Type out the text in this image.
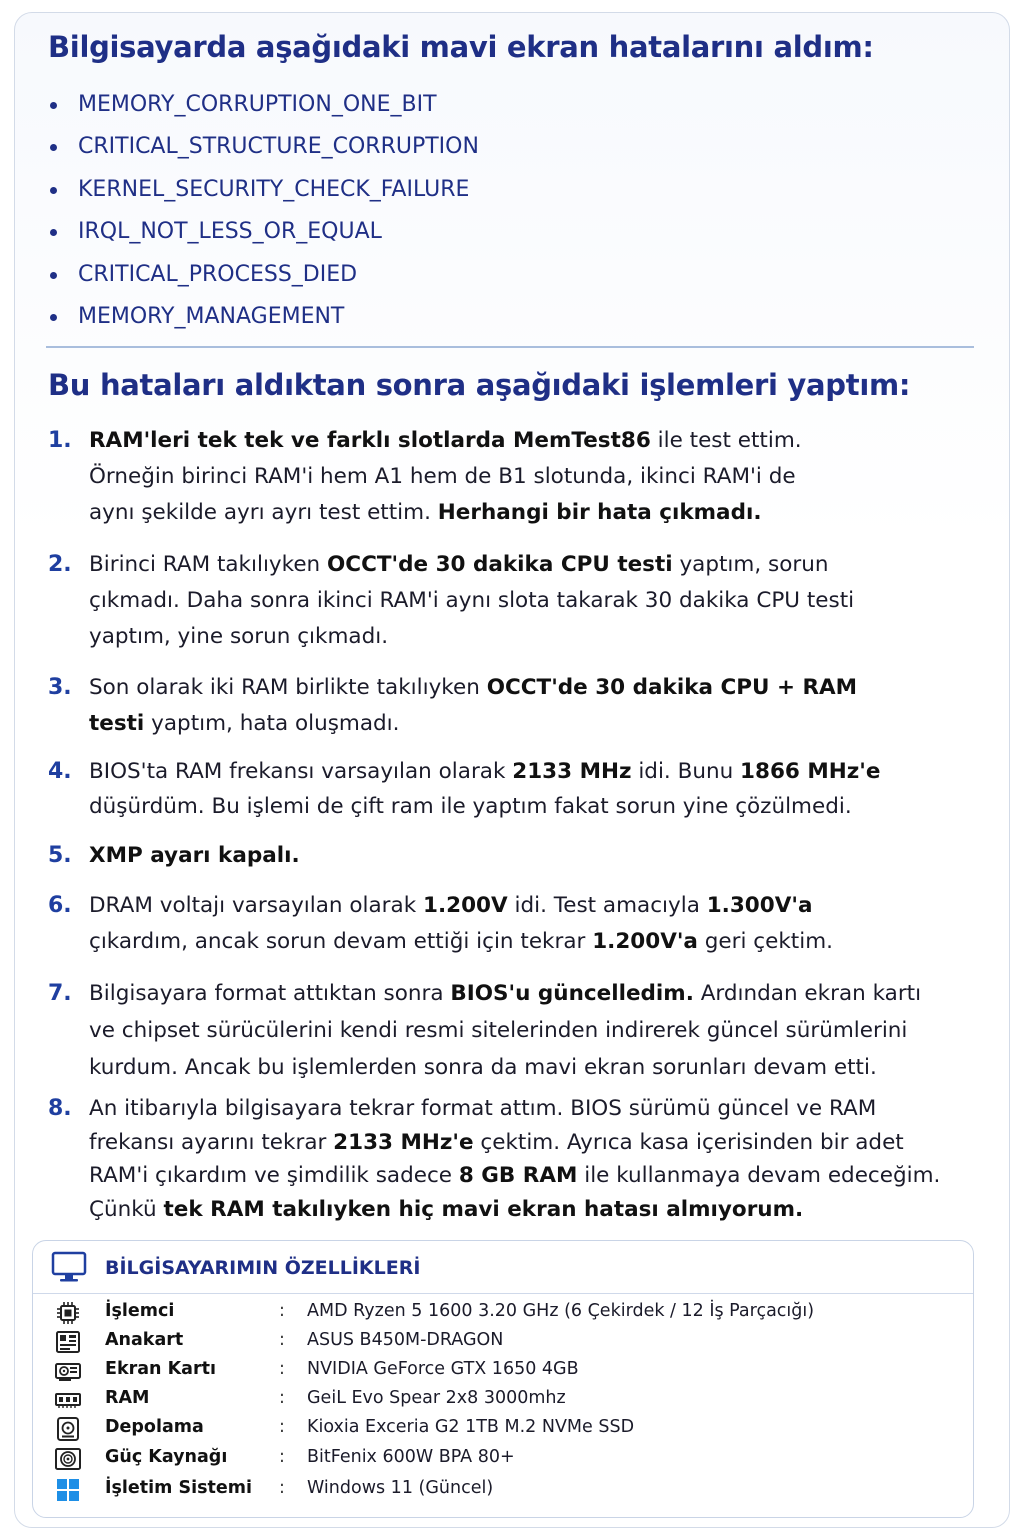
Bilgisayarda aşağıdaki mavi ekran hatalarını aldım:
MEMORY_CORRUPTION_ONE_BIT
CRITICAL_STRUCTURE_CORRUPTION
KERNEL_SECURITY_CHECK_FAILURE
IRQL_NOT_LESS_OR_EQUAL
CRITICAL_PROCESS_DIED
MEMORY_MANAGEMENT
Bu hataları aldıktan sonra aşağıdaki işlemleri yaptım:
1. RAM'leri tek tek ve farklı slotlarda MemTest86 ile test ettim.
Örneğin birinci RAM'i hem A1 hem de B1 slotunda, ikinci RAM'i de
aynı şekilde ayrı ayrı test ettim. Herhangi bir hata çıkmadı.
2. Birinci RAM takılıyken OCCT'de 30 dakika CPU testi yaptım, sorun
çıkmadı. Daha sonra ikinci RAM'i aynı slota takarak 30 dakika CPU testi
yaptım, yine sorun çıkmadı.
3. Son olarak iki RAM birlikte takılıyken OCCT'de 30 dakika CPU + RAM
testi yaptım, hata oluşmadı.
4. BIOS'ta RAM frekansı varsayılan olarak 2133 MHz idi. Bunu 1866 MHz'e
düşürdüm. Bu işlemi de çift ram ile yaptım fakat sorun yine çözülmedi.
5. XMP ayarı kapalı.
6. DRAM voltajı varsayılan olarak 1.200V idi. Test amacıyla 1.300V'a
çıkardım, ancak sorun devam ettiği için tekrar 1.200V'a geri çektim.
7. Bilgisayara format attıktan sonra BIOS'u güncelledim. Ardından ekran kartı
ve chipset sürücülerini kendi resmi sitelerinden indirerek güncel sürümlerini
kurdum. Ancak bu işlemlerden sonra da mavi ekran sorunları devam etti.
8. An itibarıyla bilgisayara tekrar format attım. BIOS sürümü güncel ve RAM
frekansı ayarını tekrar 2133 MHz'e çektim. Ayrıca kasa içerisinden bir adet
RAM'i çıkardım ve şimdilik sadece 8 GB RAM ile kullanmaya devam edeceğim.
Çünkü tek RAM takılıyken hiç mavi ekran hatası almıyorum.
BİLGİSAYARIMIN ÖZELLİKLERİ
İşlemci	: AMD Ryzen 5 1600 3.20 GHz (6 Çekirdek / 12 İş Parçacığı)
Anakart	: ASUS B450M-DRAGON
Ekran Kartı	: NVIDIA GeForce GTX 1650 4GB
RAM	: GeiL Evo Spear 2x8 3000mhz
Depolama	: Kioxia Exceria G2 1TB M.2 NVMe SSD
Güç Kaynağı	: BitFenix 600W BPA 80+
İşletim Sistemi : Windows 11 (Güncel)
